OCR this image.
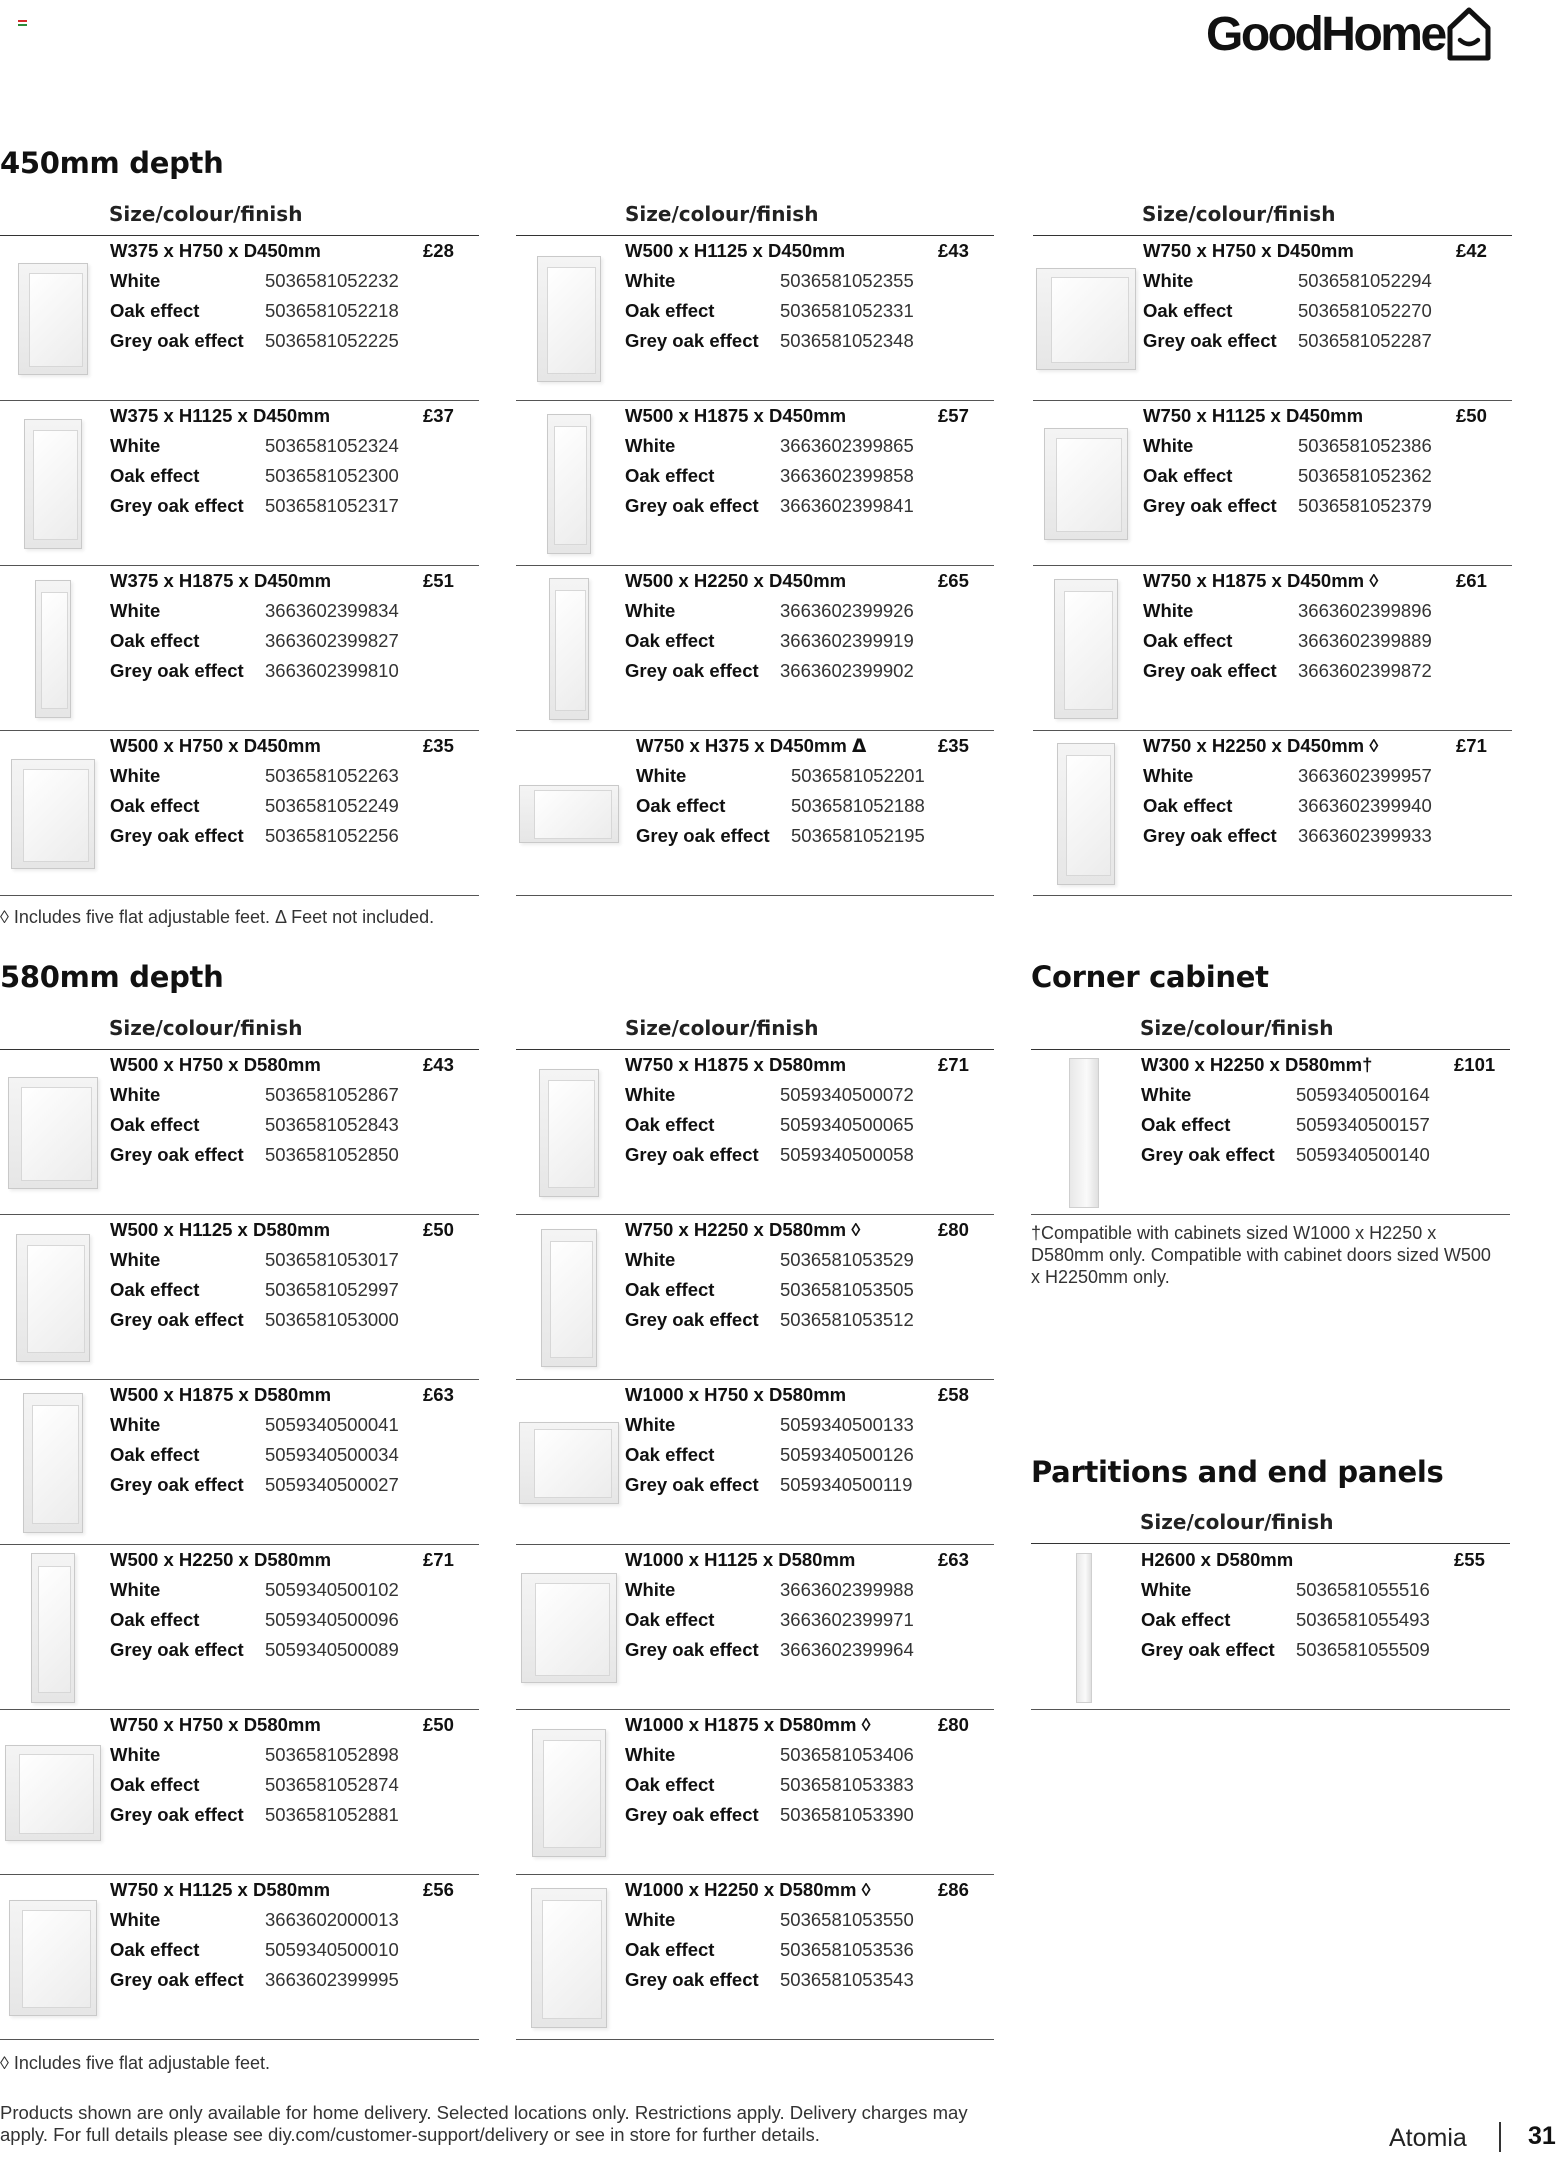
GoodHome
450mm depth
580mm depth	Corner cabinet
Partitions and end panels
Size/colour/finish	Size/colour/finish	Size/colour/finish
Size/colour/finish	Size/colour/finish	Size/colour/finish
Size/colour/finish
W375 x H750 x D450mm	£28
White	5036581052232
Oak effect	5036581052218
Grey oak effect 5036581052225
W375 x H1125 x D450mm	£37
White	5036581052324
Oak effect	5036581052300
Grey oak effect 5036581052317
W375 x H1875 x D450mm	£51
White	3663602399834
Oak effect	3663602399827
Grey oak effect 3663602399810
W500 x H750 x D450mm	£35
White	5036581052263
Oak effect	5036581052249
Grey oak effect 5036581052256
W500 x H1125 x D450mm	£43
White	5036581052355
Oak effect	5036581052331
Grey oak effect 5036581052348
W500 x H1875 x D450mm	£57
White	3663602399865
Oak effect	3663602399858
Grey oak effect 3663602399841
W500 x H2250 x D450mm	£65
White	3663602399926
Oak effect	3663602399919
Grey oak effect 3663602399902
W750 x H375 x D450mm ᐃ	£35
White	5036581052201
Oak effect	5036581052188
Grey oak effect 5036581052195
W750 x H750 x D450mm	£42
White	5036581052294
Oak effect	5036581052270
Grey oak effect 5036581052287
W750 x H1125 x D450mm	£50
White	5036581052386
Oak effect	5036581052362
Grey oak effect 5036581052379
W750 x H1875 x D450mm ◊	£61
White	3663602399896
Oak effect	3663602399889
Grey oak effect 3663602399872
W750 x H2250 x D450mm ◊	£71
White	3663602399957
Oak effect	3663602399940
Grey oak effect 3663602399933
W500 x H750 x D580mm	£43
White	5036581052867
Oak effect	5036581052843
Grey oak effect 5036581052850
W500 x H1125 x D580mm	£50
White	5036581053017
Oak effect	5036581052997
Grey oak effect 5036581053000
W500 x H1875 x D580mm	£63
White	5059340500041
Oak effect	5059340500034
Grey oak effect 5059340500027
W500 x H2250 x D580mm	£71
White	5059340500102
Oak effect	5059340500096
Grey oak effect 5059340500089
W750 x H750 x D580mm	£50
White	5036581052898
Oak effect	5036581052874
Grey oak effect 5036581052881
W750 x H1125 x D580mm	£56
White	3663602000013
Oak effect	5059340500010
Grey oak effect 3663602399995
W750 x H1875 x D580mm	£71
White	5059340500072
Oak effect	5059340500065
Grey oak effect 5059340500058
W750 x H2250 x D580mm ◊	£80
White	5036581053529
Oak effect	5036581053505
Grey oak effect 5036581053512
W1000 x H750 x D580mm	£58
White	5059340500133
Oak effect	5059340500126
Grey oak effect 5059340500119
W1000 x H1125 x D580mm	£63
White	3663602399988
Oak effect	3663602399971
Grey oak effect 3663602399964
W1000 x H1875 x D580mm ◊	£80
White	5036581053406
Oak effect	5036581053383
Grey oak effect 5036581053390
W1000 x H2250 x D580mm ◊	£86
White	5036581053550
Oak effect	5036581053536
Grey oak effect 5036581053543
W300 x H2250 x D580mm†	£101
White	5059340500164
Oak effect	5059340500157
Grey oak effect 5059340500140
H2600 x D580mm	£55
White	5036581055516
Oak effect	5036581055493
Grey oak effect 5036581055509
◊ Includes five flat adjustable feet. Δ Feet not included.
†Compatible with cabinets sized W1000 x H2250 x D580mm only. Compatible with cabinet doors sized W500 x H2250mm only.
◊ Includes five flat adjustable feet.
Products shown are only available for home delivery. Selected locations only. Restrictions apply. Delivery charges may apply. For full details please see diy.com/customer-support/delivery or see in store for further details.	Atomia 31
